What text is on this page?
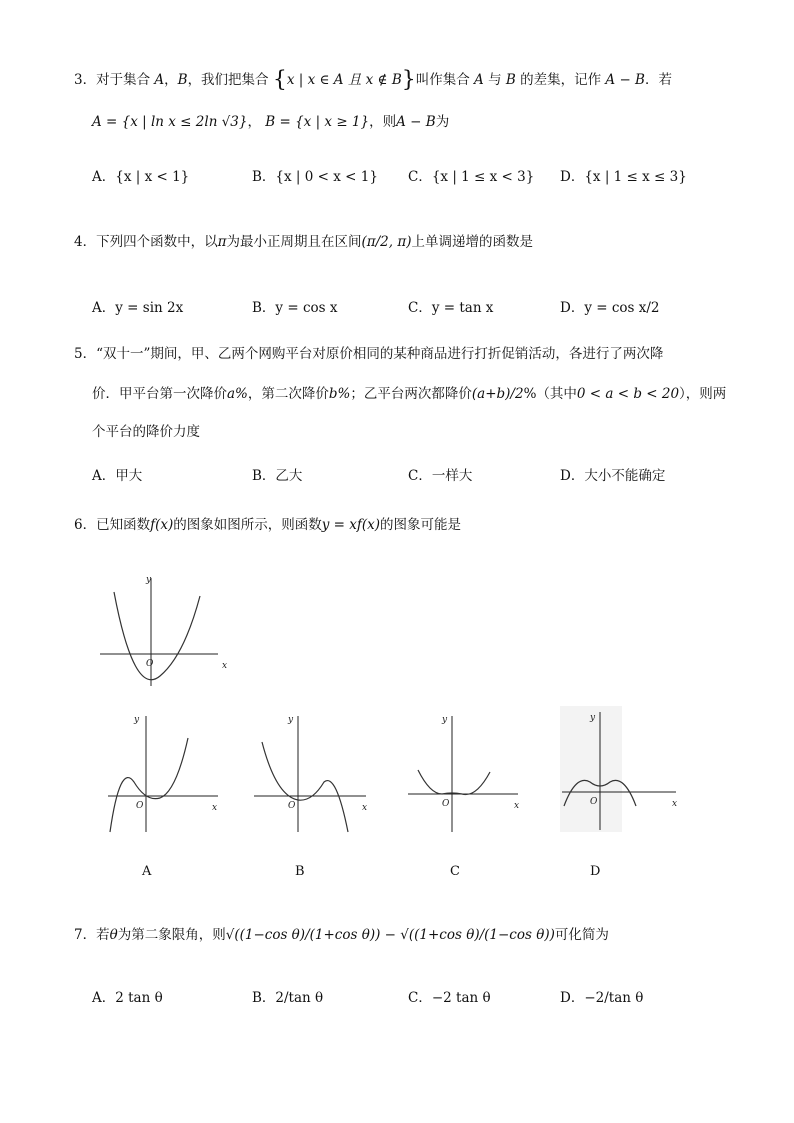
3．对于集合 A，B，我们把集合 {x | x ∈ A 且 x ∉ B}叫作集合 A 与 B 的差集，记作 A − B．若
A = {x | ln x ≤ 2ln √3}， B = {x | x ≥ 1}，则A − B为
A．{x | x < 1}	B．{x | 0 < x < 1} C．{x | 1 ≤ x < 3} D．{x | 1 ≤ x ≤ 3}
4．下列四个函数中，以π为最小正周期且在区间(π/2, π)上单调递增的函数是
A．y = sin 2x	B．y = cos x	C．y = tan x	D．y = cos x/2
5．“双十一”期间，甲、乙两个网购平台对原价相同的某种商品进行打折促销活动，各进行了两次降
价．甲平台第一次降价a%，第二次降价b%；乙平台两次都降价(a+b)/2%（其中0 < a < b < 20），则两
个平台的降价力度
A．甲大	B．乙大	C．一样大	D．大小不能确定
6．已知函数f(x)的图象如图所示，则函数y = xf(x)的图象可能是
x
y
O
x
y
O	x
y
O	x
y
O	x
y
O
A	B	C	D
7．若θ为第二象限角，则√((1−cos θ)/(1+cos θ)) − √((1+cos θ)/(1−cos θ))可化简为
A．2 tan θ	B．2/tan θ	C．−2 tan θ	D．−2/tan θ
